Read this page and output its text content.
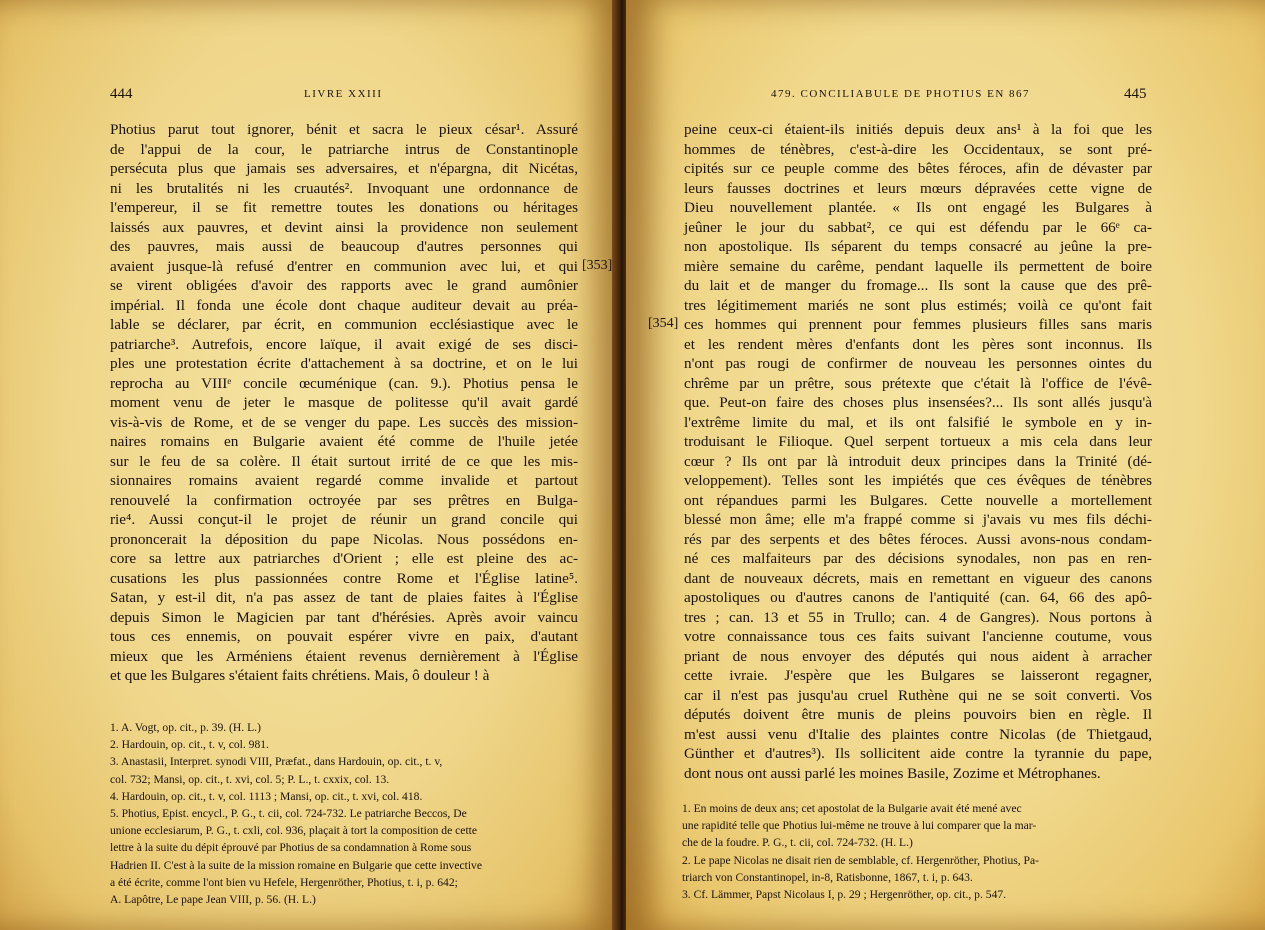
444	LIVRE XXIII
Photius parut tout ignorer, bénit et sacra le pieux césar¹. Assuré
de l'appui de la cour, le patriarche intrus de Constantinople
persécuta plus que jamais ses adversaires, et n'épargna, dit Nicétas,
ni les brutalités ni les cruautés². Invoquant une ordonnance de
l'empereur, il se fit remettre toutes les donations ou héritages
laissés aux pauvres, et devint ainsi la providence non seulement
des pauvres, mais aussi de beaucoup d'autres personnes qui
avaient jusque-là refusé d'entrer en communion avec lui, et qui
se virent obligées d'avoir des rapports avec le grand aumônier
impérial. Il fonda une école dont chaque auditeur devait au préa-
lable se déclarer, par écrit, en communion ecclésiastique avec le
patriarche³. Autrefois, encore laïque, il avait exigé de ses disci-
ples une protestation écrite d'attachement à sa doctrine, et on le lui
reprocha au VIIIᵉ concile œcuménique (can. 9.). Photius pensa le
moment venu de jeter le masque de politesse qu'il avait gardé
vis-à-vis de Rome, et de se venger du pape. Les succès des mission-
naires romains en Bulgarie avaient été comme de l'huile jetée
sur le feu de sa colère. Il était surtout irrité de ce que les mis-
sionnaires romains avaient regardé comme invalide et partout
renouvelé la confirmation octroyée par ses prêtres en Bulga-
rie⁴. Aussi conçut-il le projet de réunir un grand concile qui
prononcerait la déposition du pape Nicolas. Nous possédons en-
core sa lettre aux patriarches d'Orient ; elle est pleine des ac-
cusations les plus passionnées contre Rome et l'Église latine⁵.
Satan, y est-il dit, n'a pas assez de tant de plaies faites à l'Église
depuis Simon le Magicien par tant d'hérésies. Après avoir vaincu
tous ces ennemis, on pouvait espérer vivre en paix, d'autant
mieux que les Arméniens étaient revenus dernièrement à l'Église
et que les Bulgares s'étaient faits chrétiens. Mais, ô douleur ! à
1. A. Vogt, op. cit., p. 39. (H. L.)
2. Hardouin, op. cit., t. v, col. 981.
3. Anastasii, Interpret. synodi VIII, Præfat., dans Hardouin, op. cit., t. v,
col. 732; Mansi, op. cit., t. xvi, col. 5; P. L., t. cxxix, col. 13.
4. Hardouin, op. cit., t. v, col. 1113 ; Mansi, op. cit., t. xvi, col. 418.
5. Photius, Epist. encycl., P. G., t. cii, col. 724-732. Le patriarche Beccos, De
unione ecclesiarum, P. G., t. cxli, col. 936, plaçait à tort la composition de cette
lettre à la suite du dépit éprouvé par Photius de sa condamnation à Rome sous
Hadrien II. C'est à la suite de la mission romaine en Bulgarie que cette invective
a été écrite, comme l'ont bien vu Hefele, Hergenröther, Photius, t. i, p. 642;
A. Lapôtre, Le pape Jean VIII, p. 56. (H. L.)
[353]
479. CONCILIABULE DE PHOTIUS EN 867	445
[354]
peine ceux-ci étaient-ils initiés depuis deux ans¹ à la foi que les
hommes de ténèbres, c'est-à-dire les Occidentaux, se sont pré-
cipités sur ce peuple comme des bêtes féroces, afin de dévaster par
leurs fausses doctrines et leurs mœurs dépravées cette vigne de
Dieu nouvellement plantée. « Ils ont engagé les Bulgares à
jeûner le jour du sabbat², ce qui est défendu par le 66ᵉ ca-
non apostolique. Ils séparent du temps consacré au jeûne la pre-
mière semaine du carême, pendant laquelle ils permettent de boire
du lait et de manger du fromage... Ils sont la cause que des prê-
tres légitimement mariés ne sont plus estimés; voilà ce qu'ont fait
ces hommes qui prennent pour femmes plusieurs filles sans maris
et les rendent mères d'enfants dont les pères sont inconnus. Ils
n'ont pas rougi de confirmer de nouveau les personnes ointes du
chrême par un prêtre, sous prétexte que c'était là l'office de l'évê-
que. Peut-on faire des choses plus insensées?... Ils sont allés jusqu'à
l'extrême limite du mal, et ils ont falsifié le symbole en y in-
troduisant le Filioque. Quel serpent tortueux a mis cela dans leur
cœur ? Ils ont par là introduit deux principes dans la Trinité (dé-
veloppement). Telles sont les impiétés que ces évêques de ténèbres
ont répandues parmi les Bulgares. Cette nouvelle a mortellement
blessé mon âme; elle m'a frappé comme si j'avais vu mes fils déchi-
rés par des serpents et des bêtes féroces. Aussi avons-nous condam-
né ces malfaiteurs par des décisions synodales, non pas en ren-
dant de nouveaux décrets, mais en remettant en vigueur des canons
apostoliques ou d'autres canons de l'antiquité (can. 64, 66 des apô-
tres ; can. 13 et 55 in Trullo; can. 4 de Gangres). Nous portons à
votre connaissance tous ces faits suivant l'ancienne coutume, vous
priant de nous envoyer des députés qui nous aident à arracher
cette ivraie. J'espère que les Bulgares se laisseront regagner,
car il n'est pas jusqu'au cruel Ruthène qui ne se soit converti. Vos
députés doivent être munis de pleins pouvoirs bien en règle. Il
m'est aussi venu d'Italie des plaintes contre Nicolas (de Thietgaud,
Günther et d'autres³). Ils sollicitent aide contre la tyrannie du pape,
dont nous ont aussi parlé les moines Basile, Zozime et Métrophanes.
1. En moins de deux ans; cet apostolat de la Bulgarie avait été mené avec
une rapidité telle que Photius lui-même ne trouve à lui comparer que la mar-
che de la foudre. P. G., t. cii, col. 724-732. (H. L.)
2. Le pape Nicolas ne disait rien de semblable, cf. Hergenröther, Photius, Pa-
triarch von Constantinopel, in-8, Ratisbonne, 1867, t. i, p. 643.
3. Cf. Lämmer, Papst Nicolaus I, p. 29 ; Hergenröther, op. cit., p. 547.
